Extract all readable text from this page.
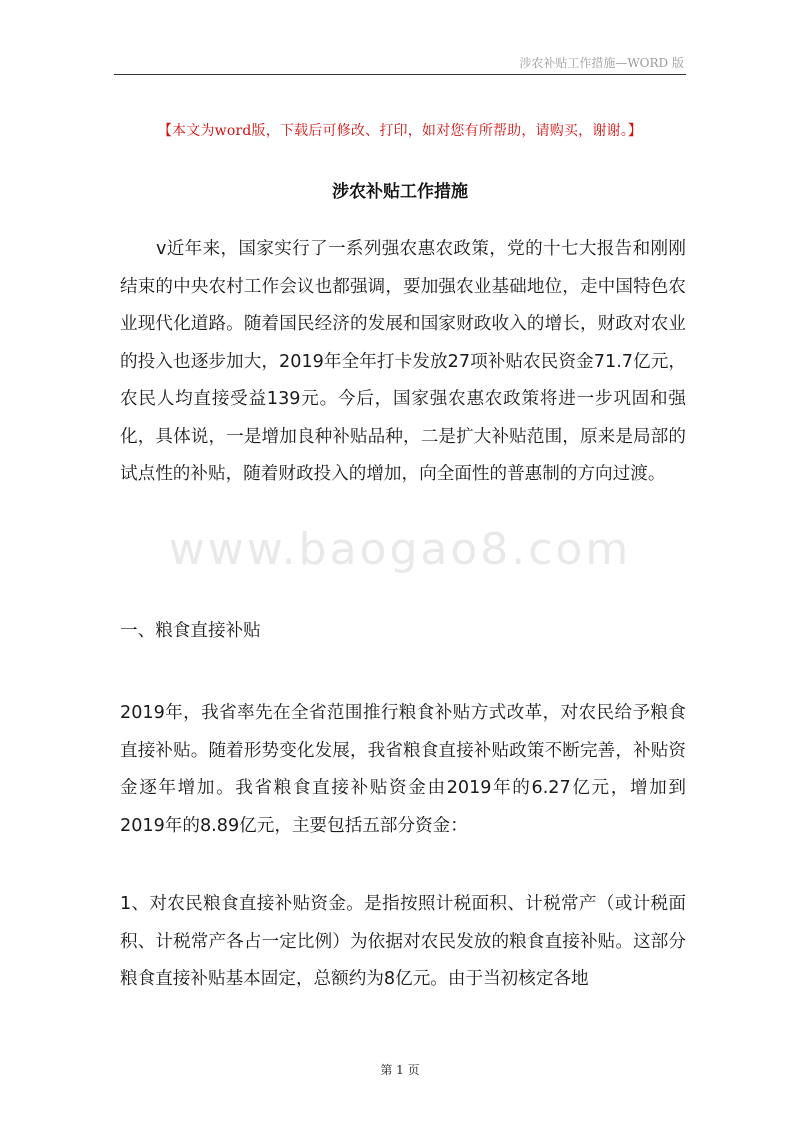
涉农补贴工作措施—WORD 版
【本文为word版，下载后可修改、打印，如对您有所帮助，请购买，谢谢。】
www.baogao8.com
涉农补贴工作措施

v近年来，国家实行了一系列强农惠农政策，党的十七大报告和刚刚结束的中央农村工作会议也都强调，要加强农业基础地位，走中国特色农业现代化道路。随着国民经济的发展和国家财政收入的增长，财政对农业的投入也逐步加大，2019年全年打卡发放27项补贴农民资金71.7亿元，农民人均直接受益139元。今后，国家强农惠农政策将进一步巩固和强化，具体说，一是增加良种补贴品种，二是扩大补贴范围，原来是局部的试点性的补贴，随着财政投入的增加，向全面性的普惠制的方向过渡。

一、粮食直接补贴

2019年，我省率先在全省范围推行粮食补贴方式改革，对农民给予粮食直接补贴。随着形势变化发展，我省粮食直接补贴政策不断完善，补贴资金逐年增加。我省粮食直接补贴资金由2019年的6.27亿元，增加到2019年的8.89亿元，主要包括五部分资金：

1、对农民粮食直接补贴资金。是指按照计税面积、计税常产（或计税面积、计税常产各占一定比例）为依据对农民发放的粮食直接补贴。这部分粮食直接补贴基本固定，总额约为8亿元。由于当初核定各地

第 1 页
